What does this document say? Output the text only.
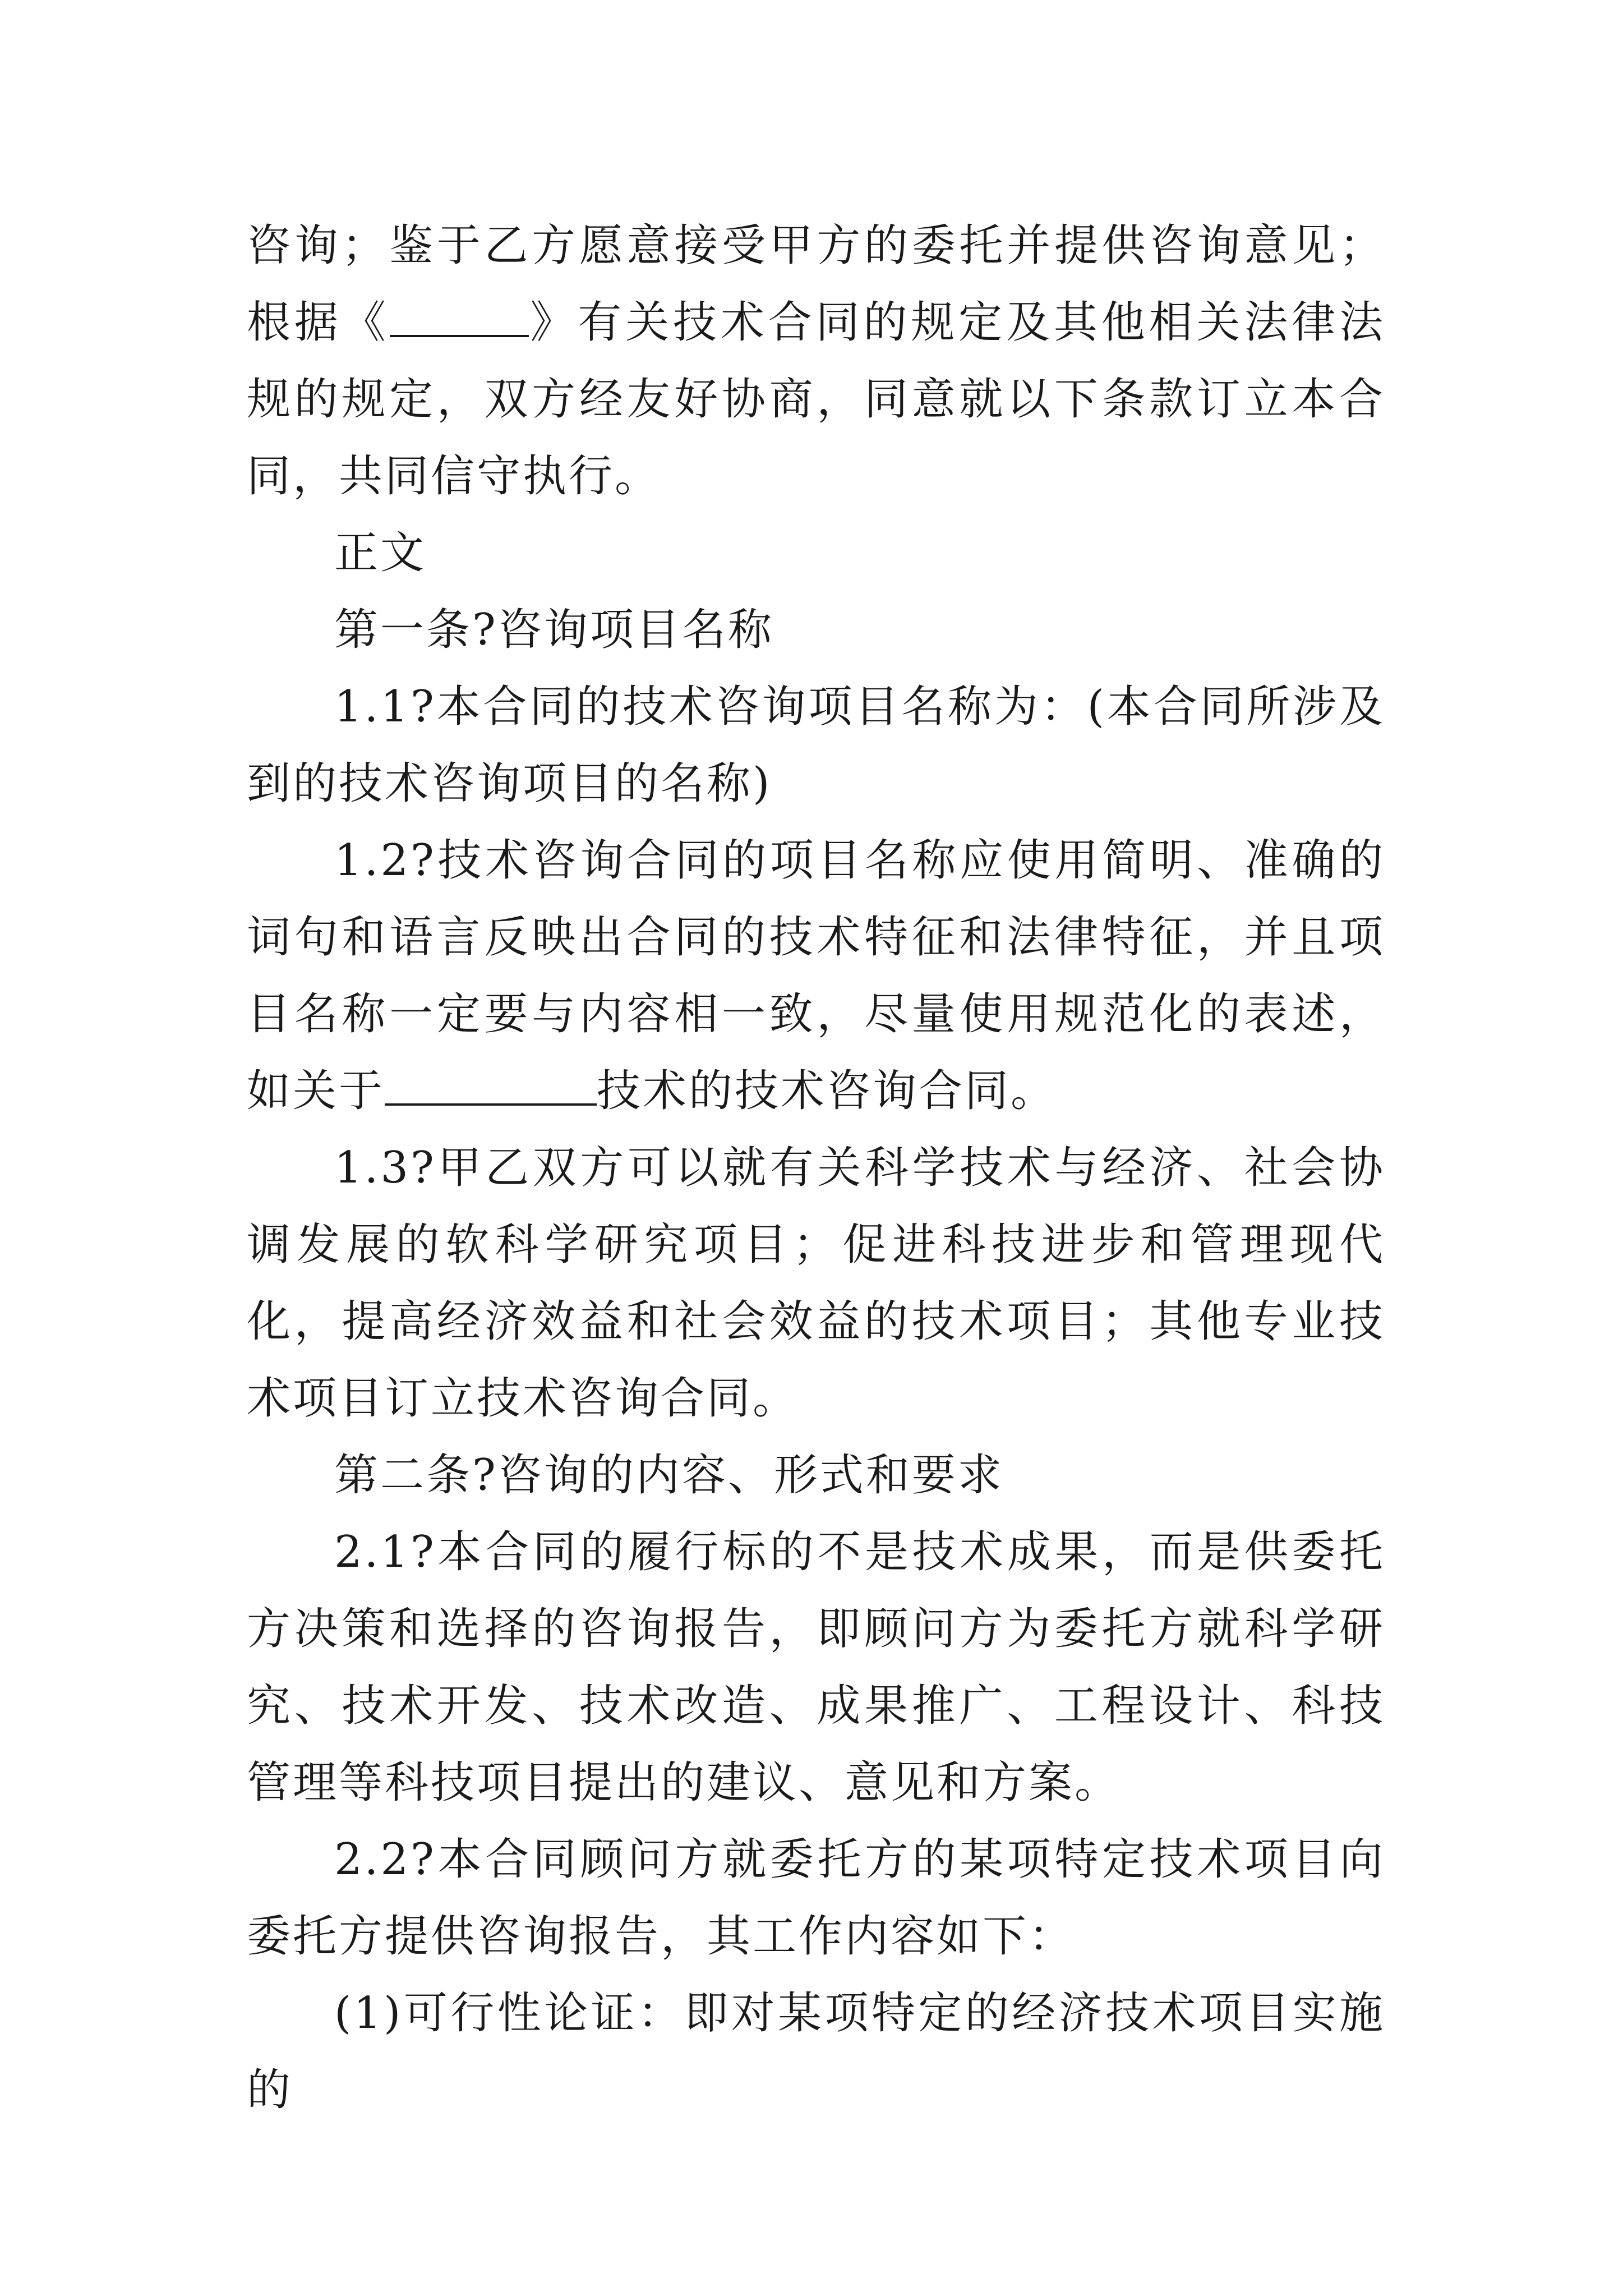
咨询；鉴于乙方愿意接受甲方的委托并提供咨询意见；根据《	》有关技术合同的规定及其他相关法律法规的规定，双方经友好协商，同意就以下条款订立本合同，共同信守执行。

正文

第一条?咨询项目名称

1.1?本合同的技术咨询项目名称为：(本合同所涉及到的技术咨询项目的名称)

1.2?技术咨询合同的项目名称应使用简明、准确的词句和语言反映出合同的技术特征和法律特征，并且项目名称一定要与内容相一致，尽量使用规范化的表述，如关于	技术的技术咨询合同。

1.3?甲乙双方可以就有关科学技术与经济、社会协调发展的软科学研究项目；促进科技进步和管理现代化，提高经济效益和社会效益的技术项目；其他专业技术项目订立技术咨询合同。

第二条?咨询的内容、形式和要求

2.1?本合同的履行标的不是技术成果，而是供委托方决策和选择的咨询报告，即顾问方为委托方就科学研究、技术开发、技术改造、成果推广、工程设计、科技管理等科技项目提出的建议、意见和方案。

2.2?本合同顾问方就委托方的某项特定技术项目向委托方提供咨询报告，其工作内容如下：

(1)可行性论证：即对某项特定的经济技术项目实施的
